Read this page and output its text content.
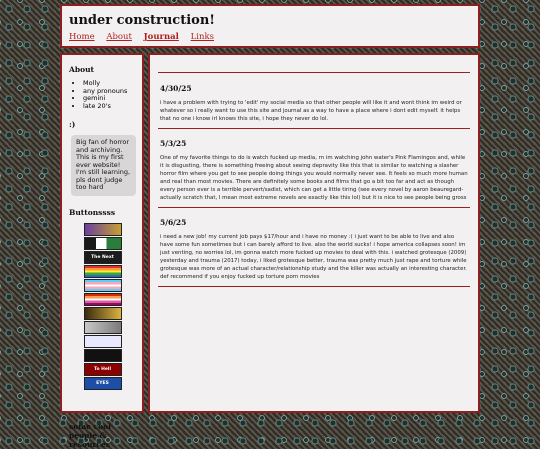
under construction!
Home About Journal Links
About
• Molly
• any pronouns
• gemini
• late 20's
:)
Big fan of horror and archiving. This is my first ever website! I'm still learning, pls dont judge too hard
Buttonssss
The Next
To Hell
EYES
some cool people & resources
4/30/25

i have a problem with trying to 'edit' my social media so that other people will like it and wont think im weird or whatever so i really want to use this site and journal as a way to have a place where i dont edit myself. it helps that no one i know irl knows this site, i hope they never do lol.

5/3/25

One of my favorite things to do is watch fucked up media, rn im watching john water's Pink Flamingos and, while it is disgusting, there is something freeing about seeing depravity like this that is similar to watching a slasher horror film where you get to see people doing things you would normally never see. It feels so much more human and real than most movies. There are definitely some books and films that go a bit too far and act as though every person ever is a terrible pervert/sadist, which can get a little tiring (see every novel by aaron beauregard- actually scratch that, I mean most extreme novels are exactly like this lol) but it is nice to see people being gross

5/6/25

i need a new job! my current job pays $17/hour and i have no money :( i just want to be able to live and also have some fun sometimes but i can barely afford to live. also the world sucks! i hope america collapses soon! im just venting, no worries lol, im gonna watch more fucked up movies to deal with this. i watched grotesque (2009) yesterday and trauma (2017) today, i liked grotesque better, trauma was pretty much just rape and torture while grotesque was more of an actual character/relationship study and the killer was actually an interesting character. def recommend if you enjoy fucked up torture porn movies
